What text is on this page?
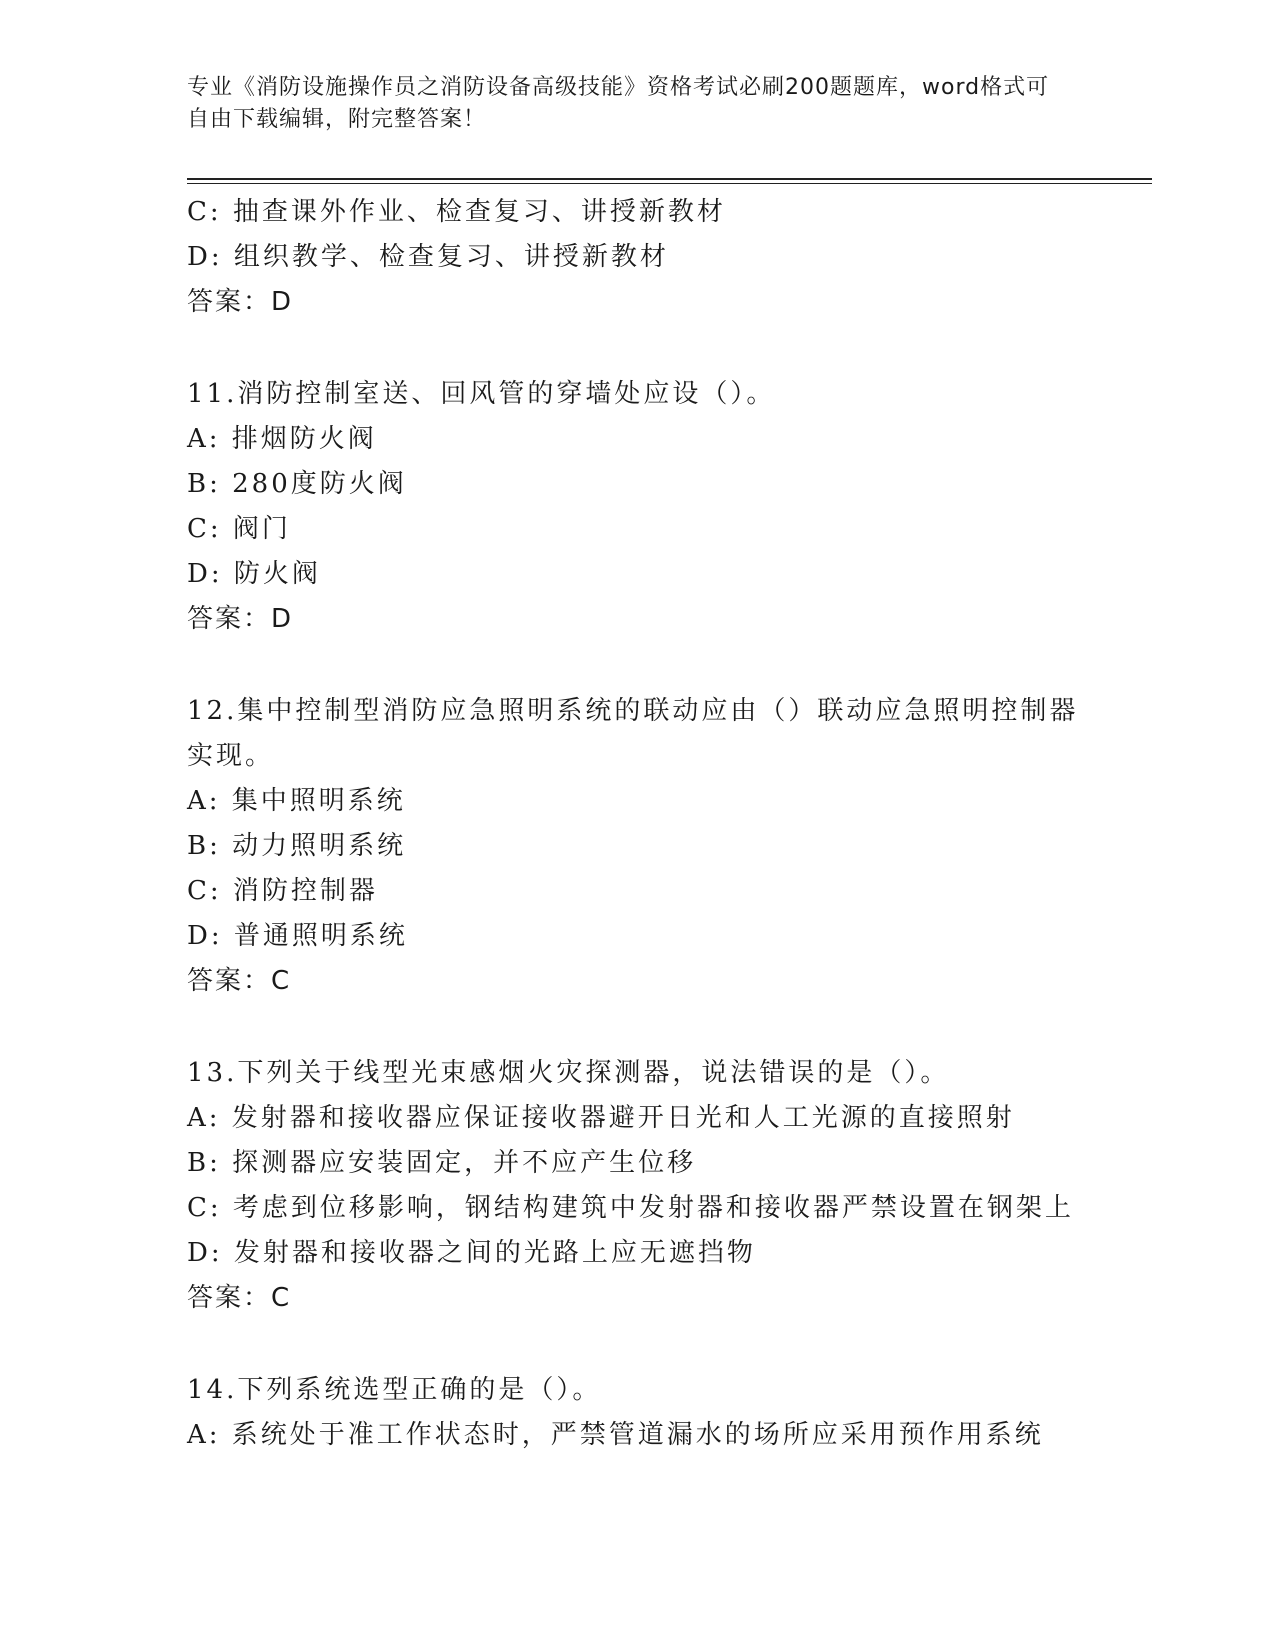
专业《消防设施操作员之消防设备高级技能》资格考试必刷200题题库，word格式可自由下载编辑，附完整答案！
C: 抽查课外作业、检查复习、讲授新教材
D: 组织教学、检查复习、讲授新教材
答案：D
11.消防控制室送、回风管的穿墙处应设（）。
A: 排烟防火阀
B: 280度防火阀
C: 阀门
D: 防火阀
答案：D
12.集中控制型消防应急照明系统的联动应由（）联动应急照明控制器
实现。
A: 集中照明系统
B: 动力照明系统
C: 消防控制器
D: 普通照明系统
答案：C
13.下列关于线型光束感烟火灾探测器，说法错误的是（）。
A: 发射器和接收器应保证接收器避开日光和人工光源的直接照射
B: 探测器应安装固定，并不应产生位移
C: 考虑到位移影响，钢结构建筑中发射器和接收器严禁设置在钢架上
D: 发射器和接收器之间的光路上应无遮挡物
答案：C
14.下列系统选型正确的是（）。
A: 系统处于准工作状态时，严禁管道漏水的场所应采用预作用系统
